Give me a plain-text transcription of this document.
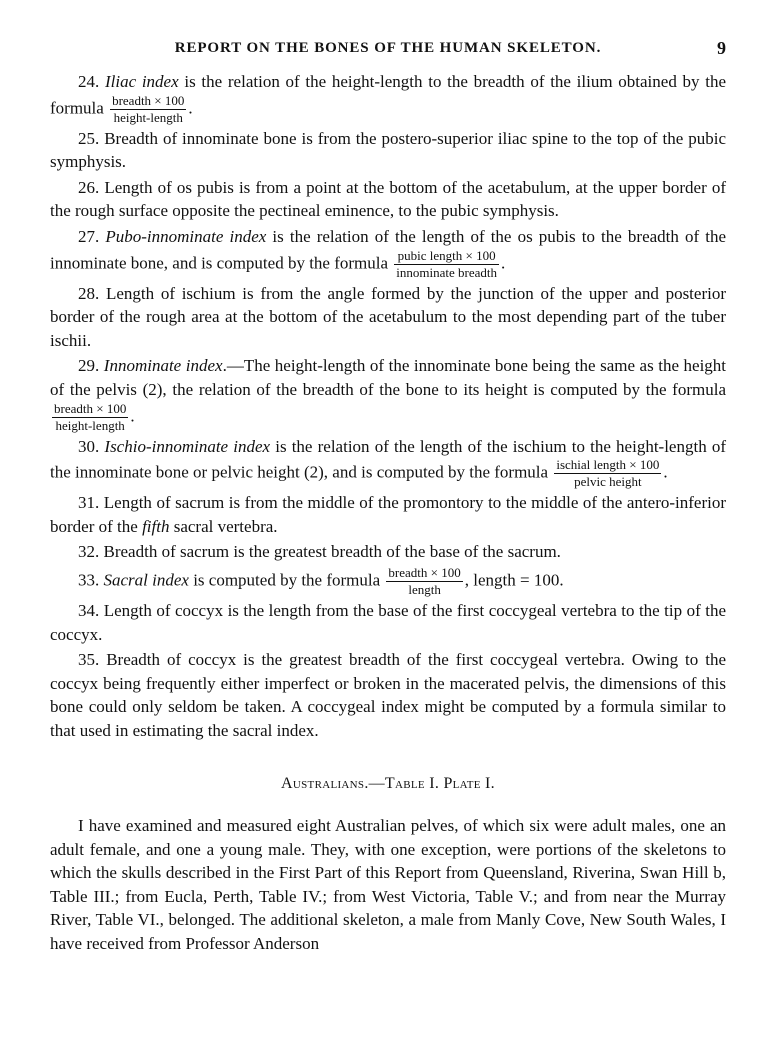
REPORT ON THE BONES OF THE HUMAN SKELETON.	9

24. Iliac index is the relation of the height-length to the breadth of the ilium obtained by the formula $\frac{\text{breadth × 100}}{\text{height-length}}$ .

25. Breadth of innominate bone is from the postero-superior iliac spine to the top of the pubic symphysis.

26. Length of os pubis is from a point at the bottom of the acetabulum, at the upper border of the rough surface opposite the pectineal eminence, to the pubic symphysis.

27. Pubo-innominate index is the relation of the length of the os pubis to the breadth of the innominate bone, and is computed by the formula $\frac{\text{pubic length × 100}}{\text{innominate breadth}}$ .

28. Length of ischium is from the angle formed by the junction of the upper and posterior border of the rough area at the bottom of the acetabulum to the most depending part of the tuber ischii.

29. Innominate index.—The height-length of the innominate bone being the same as the height of the pelvis (2), the relation of the breadth of the bone to its height is computed by the formula
$\frac{\text{breadth × 100}}{\text{height-length}}$ .

30. Ischio-innominate index is the relation of the length of the ischium to the height-length of the innominate bone or pelvic height (2), and is computed by the formula $\frac{\text{ischial length × 100}}{\text{pelvic height}}$ .

31. Length of sacrum is from the middle of the promontory to the middle of the antero-inferior border of the fifth sacral vertebra.

32. Breadth of sacrum is the greatest breadth of the base of the sacrum.

33. Sacral index is computed by the formula $\frac{\text{breadth × 100}}{\text{length}}$ , length = 100.

34. Length of coccyx is the length from the base of the first coccygeal vertebra to the tip of the coccyx.

35. Breadth of coccyx is the greatest breadth of the first coccygeal vertebra. Owing to the coccyx being frequently either imperfect or broken in the macerated pelvis, the dimensions of this bone could only seldom be taken. A coccygeal index might be computed by a formula similar to that used in estimating the sacral index.

Australians.—Table I. Plate I.

I have examined and measured eight Australian pelves, of which six were adult males, one an adult female, and one a young male. They, with one exception, were portions of the skeletons to which the skulls described in the First Part of this Report from Queensland, Riverina, Swan Hill b, Table III.; from Eucla, Perth, Table IV.; from West Victoria, Table V.; and from near the Murray River, Table VI., belonged. The additional skeleton, a male from Manly Cove, New South Wales, I have received from Professor Anderson
